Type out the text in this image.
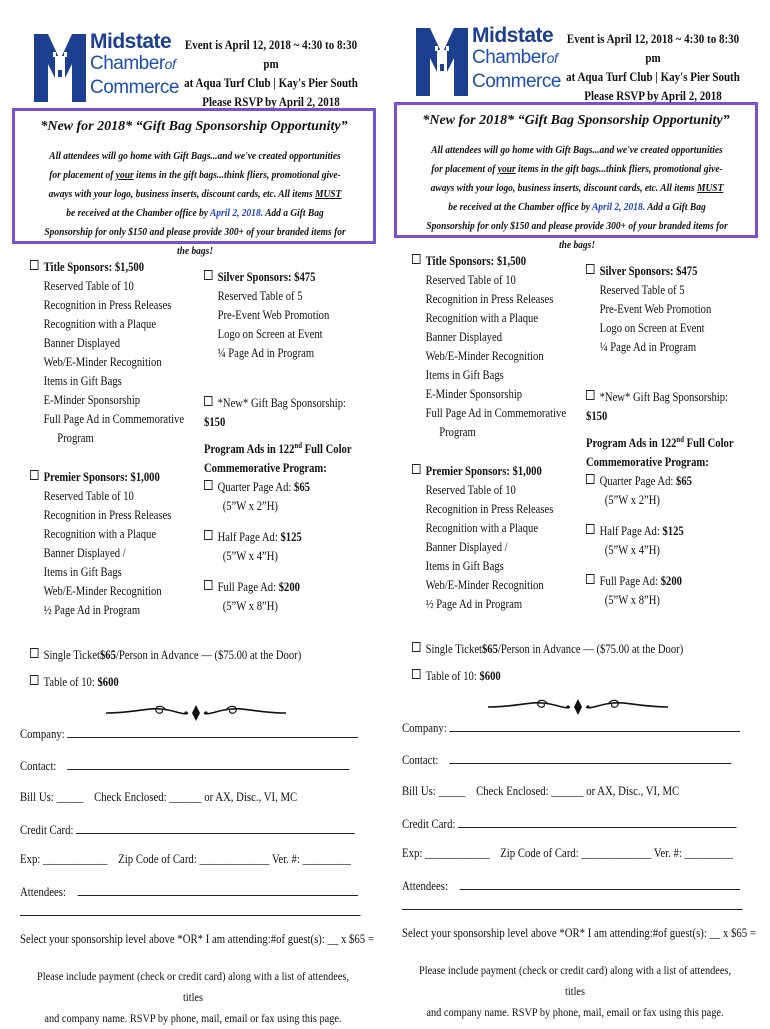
Midstate
Chamberof
Commerce
Event is April 12, 2018 ~ 4:30 to 8:30 pm
at Aqua Turf Club | Kay's Pier South
Please RSVP by April 2, 2018
*New for 2018* “Gift Bag Sponsorship Opportunity”
All attendees will go home with Gift Bags...and we've created opportunities for placement of your items in the gift bags...think fliers, promotional give-aways with your logo, business inserts, discount cards, etc. All items MUST be received at the Chamber office by April 2, 2018. Add a Gift Bag Sponsorship for only $150 and please provide 300+ of your branded items for the bags!
Title Sponsors: $1,500
Reserved Table of 10
Recognition in Press Releases
Recognition with a Plaque
Banner Displayed
Web/E-Minder Recognition
Items in Gift Bags
E-Minder Sponsorship
Full Page Ad in Commemorative
Program
Premier Sponsors: $1,000
Reserved Table of 10
Recognition in Press Releases
Recognition with a Plaque
Banner Displayed /
Items in Gift Bags
Web/E-Minder Recognition
½ Page Ad in Program
Silver Sponsors: $475
Reserved Table of 5
Pre-Event Web Promotion
Logo on Screen at Event
¼ Page Ad in Program
*New* Gift Bag Sponsorship: $150
Program Ads in 122nd Full Color
Commemorative Program:
Quarter Page Ad: $65
(5”W x 2”H)
Half Page Ad: $125
(5”W x 4”H)
Full Page Ad: $200
(5”W x 8”H)
Single Ticket$65/Person in Advance — ($75.00 at the Door)
Table of 10: $600
Company:
Contact:
Bill Us: _____ Check Enclosed: ______ or AX, Disc., VI, MC
Credit Card:
Exp: ____________ Zip Code of Card: _____________ Ver. #: _________
Attendees:
Select your sponsorship level above *OR* I am attending:#of guest(s): __ x $65 =
Please include payment (check or credit card) along with a list of attendees, titles
and company name. RSVP by phone, mail, email or fax using this page.
Midstate
Chamberof
Commerce
Event is April 12, 2018 ~ 4:30 to 8:30 pm
at Aqua Turf Club | Kay's Pier South
Please RSVP by April 2, 2018
*New for 2018* “Gift Bag Sponsorship Opportunity”
All attendees will go home with Gift Bags...and we've created opportunities for placement of your items in the gift bags...think fliers, promotional give-aways with your logo, business inserts, discount cards, etc. All items MUST be received at the Chamber office by April 2, 2018. Add a Gift Bag Sponsorship for only $150 and please provide 300+ of your branded items for the bags!
Title Sponsors: $1,500
Reserved Table of 10
Recognition in Press Releases
Recognition with a Plaque
Banner Displayed
Web/E-Minder Recognition
Items in Gift Bags
E-Minder Sponsorship
Full Page Ad in Commemorative
Program
Premier Sponsors: $1,000
Reserved Table of 10
Recognition in Press Releases
Recognition with a Plaque
Banner Displayed /
Items in Gift Bags
Web/E-Minder Recognition
½ Page Ad in Program
Silver Sponsors: $475
Reserved Table of 5
Pre-Event Web Promotion
Logo on Screen at Event
¼ Page Ad in Program
*New* Gift Bag Sponsorship: $150
Program Ads in 122nd Full Color
Commemorative Program:
Quarter Page Ad: $65
(5”W x 2”H)
Half Page Ad: $125
(5”W x 4”H)
Full Page Ad: $200
(5”W x 8”H)
Single Ticket$65/Person in Advance — ($75.00 at the Door)
Table of 10: $600
Company:
Contact:
Bill Us: _____ Check Enclosed: ______ or AX, Disc., VI, MC
Credit Card:
Exp: ____________ Zip Code of Card: _____________ Ver. #: _________
Attendees:
Select your sponsorship level above *OR* I am attending:#of guest(s): __ x $65 =
Please include payment (check or credit card) along with a list of attendees, titles
and company name. RSVP by phone, mail, email or fax using this page.
